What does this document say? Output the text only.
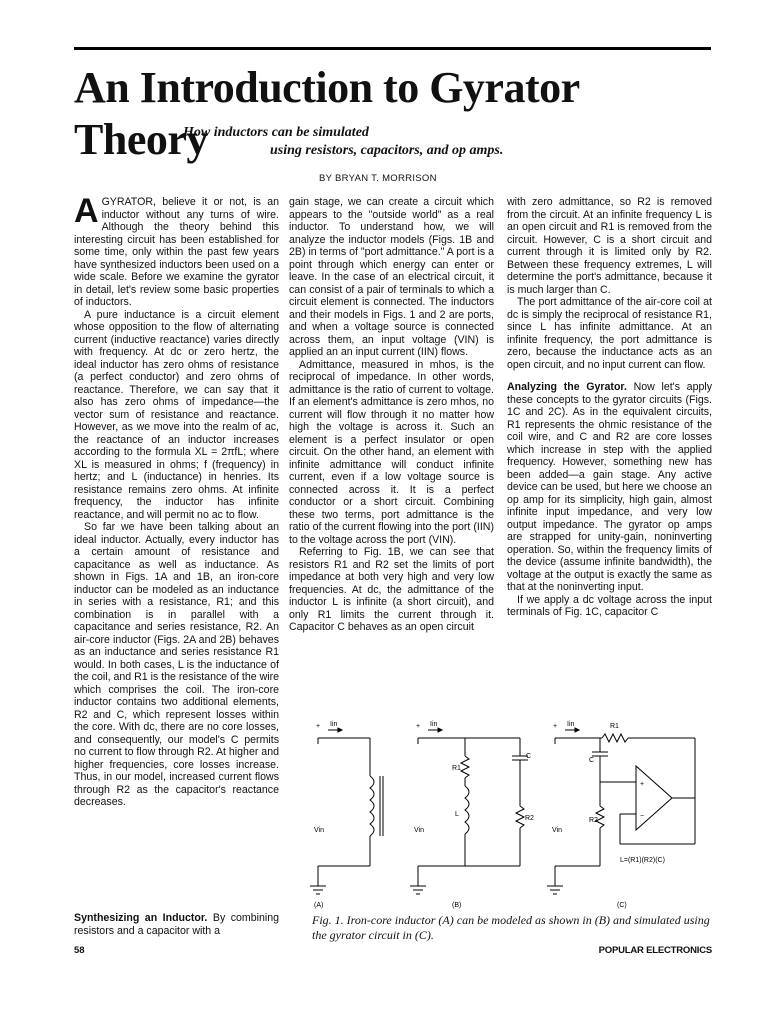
An Introduction to Gyrator Theory
How inductors can be simulated
using resistors, capacitors, and op amps.
BY BRYAN T. MORRISON

AGYRATOR, believe it or not, is an inductor without any turns of wire. Although the theory behind this interesting circuit has been established for some time, only within the past few years have synthesized inductors been used on a wide scale. Before we examine the gyrator in detail, let's review some basic properties of inductors.

A pure inductance is a circuit element whose opposition to the flow of alternating current (inductive reactance) varies directly with frequency. At dc or zero hertz, the ideal inductor has zero ohms of resistance (a perfect conductor) and zero ohms of reactance. Therefore, we can say that it also has zero ohms of impedance—the vector sum of resistance and reactance. However, as we move into the realm of ac, the reactance of an inductor increases according to the formula XL = 2πfL; where XL is measured in ohms; f (frequency) in hertz; and L (inductance) in henries. Its resistance remains zero ohms. At infinite frequency, the inductor has infinite reactance, and will permit no ac to flow.

So far we have been talking about an ideal inductor. Actually, every inductor has a certain amount of resistance and capacitance as well as inductance. As shown in Figs. 1A and 1B, an iron-core inductor can be modeled as an inductance in series with a resistance, R1; and this combination is in parallel with a capacitance and series resistance, R2. An air-core inductor (Figs. 2A and 2B) behaves as an inductance and series resistance R1 would. In both cases, L is the inductance of the coil, and R1 is the resistance of the wire which comprises the coil. The iron-core inductor contains two additional elements, R2 and C, which represent losses within the core. With dc, there are no core losses, and consequently, our model's C permits no current to flow through R2. At higher and higher frequencies, core losses increase. Thus, in our model, increased current flows through R2 as the capacitor's reactance decreases.

Synthesizing an Inductor. By combining resistors and a capacitor with a

gain stage, we can create a circuit which appears to the "outside world" as a real inductor. To understand how, we will analyze the inductor models (Figs. 1B and 2B) in terms of "port admittance." A port is a point through which energy can enter or leave. In the case of an electrical circuit, it can consist of a pair of terminals to which a circuit element is connected. The inductors and their models in Figs. 1 and 2 are ports, and when a voltage source is connected across them, an input voltage (VIN) is applied an an input current (IIN) flows.

Admittance, measured in mhos, is the reciprocal of impedance. In other words, admittance is the ratio of current to voltage. If an element's admittance is zero mhos, no current will flow through it no matter how high the voltage is across it. Such an element is a perfect insulator or open circuit. On the other hand, an element with infinite admittance will conduct infinite current, even if a low voltage source is connected across it. It is a perfect conductor or a short circuit. Combining these two terms, port admittance is the ratio of the current flowing into the port (IIN) to the voltage across the port (VIN).

Referring to Fig. 1B, we can see that resistors R1 and R2 set the limits of port impedance at both very high and very low frequencies. At dc, the admittance of the inductor L is infinite (a short circuit), and only R1 limits the current through it. Capacitor C behaves as an open circuit

with zero admittance, so R2 is removed from the circuit. At an infinite frequency L is an open circuit and R1 is removed from the circuit. However, C is a short circuit and current through it is limited only by R2. Between these frequency extremes, L will determine the port's admittance, because it is much larger than C.

The port admittance of the air-core coil at dc is simply the reciprocal of resistance R1, since L has infinite admittance. At an infinite frequency, the port admittance is zero, because the inductance acts as an open circuit, and no input current can flow.

Analyzing the Gyrator. Now let's apply these concepts to the gyrator circuits (Figs. 1C and 2C). As in the equivalent circuits, R1 represents the ohmic resistance of the coil wire, and C and R2 are core losses which increase in step with the applied frequency. However, something new has been added—a gain stage. Any active device can be used, but here we choose an op amp for its simplicity, high gain, almost infinite input impedance, and very low output impedance. The gyrator op amps are strapped for unity-gain, noninverting operation. So, within the frequency limits of the device (assume infinite bandwidth), the voltage at the output is exactly the same as that at the noninverting input.

If we apply a dc voltage across the input terminals of Fig. 1C, capacitor C

Iin	Iin	Iin
Vin	Vin	Vin
R1
L
C
R2
R1
C
R2
+
−
L=(R1)(R2)(C)
+	+	+
(A)	(B)	(C)
Fig. 1. Iron-core inductor (A) can be modeled as shown in (B) and simulated using the gyrator circuit in (C).
58	POPULAR ELECTRONICS
